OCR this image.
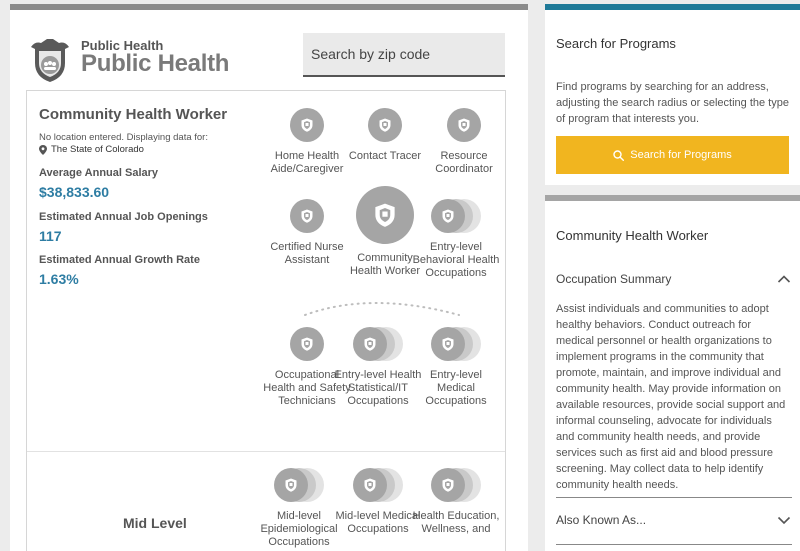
Public Health
Public Health
Search by zip code
Community Health Worker
No location entered. Displaying data for:
The State of Colorado
Average Annual Salary
$38,833.60
Estimated Annual Job Openings
117
Estimated Annual Growth Rate
1.63%
Home Health Aide/Caregiver
Contact Tracer	Resource Coordinator
Certified Nurse Assistant	Community Health Worker
Entry-level Behavioral Health Occupations
Occupational Health and Safety Technicians
Entry-level Health Statistical/IT Occupations
Entry-level Medical Occupations
Mid Level	Mid-level Epidemiological Occupations
Mid-level Medical Occupations
Health Education, Wellness, and
Search for Programs
Find programs by searching for an address, adjusting the search radius or selecting the type of program that interests you.
Search for Programs
Community Health Worker
Occupation Summary
Assist individuals and communities to adopt healthy behaviors. Conduct outreach for medical personnel or health organizations to implement programs in the community that promote, maintain, and improve individual and community health. May provide information on available resources, provide social support and informal counseling, advocate for individuals and community health needs, and provide services such as first aid and blood pressure screening. May collect data to help identify community health needs.
Also Known As...
